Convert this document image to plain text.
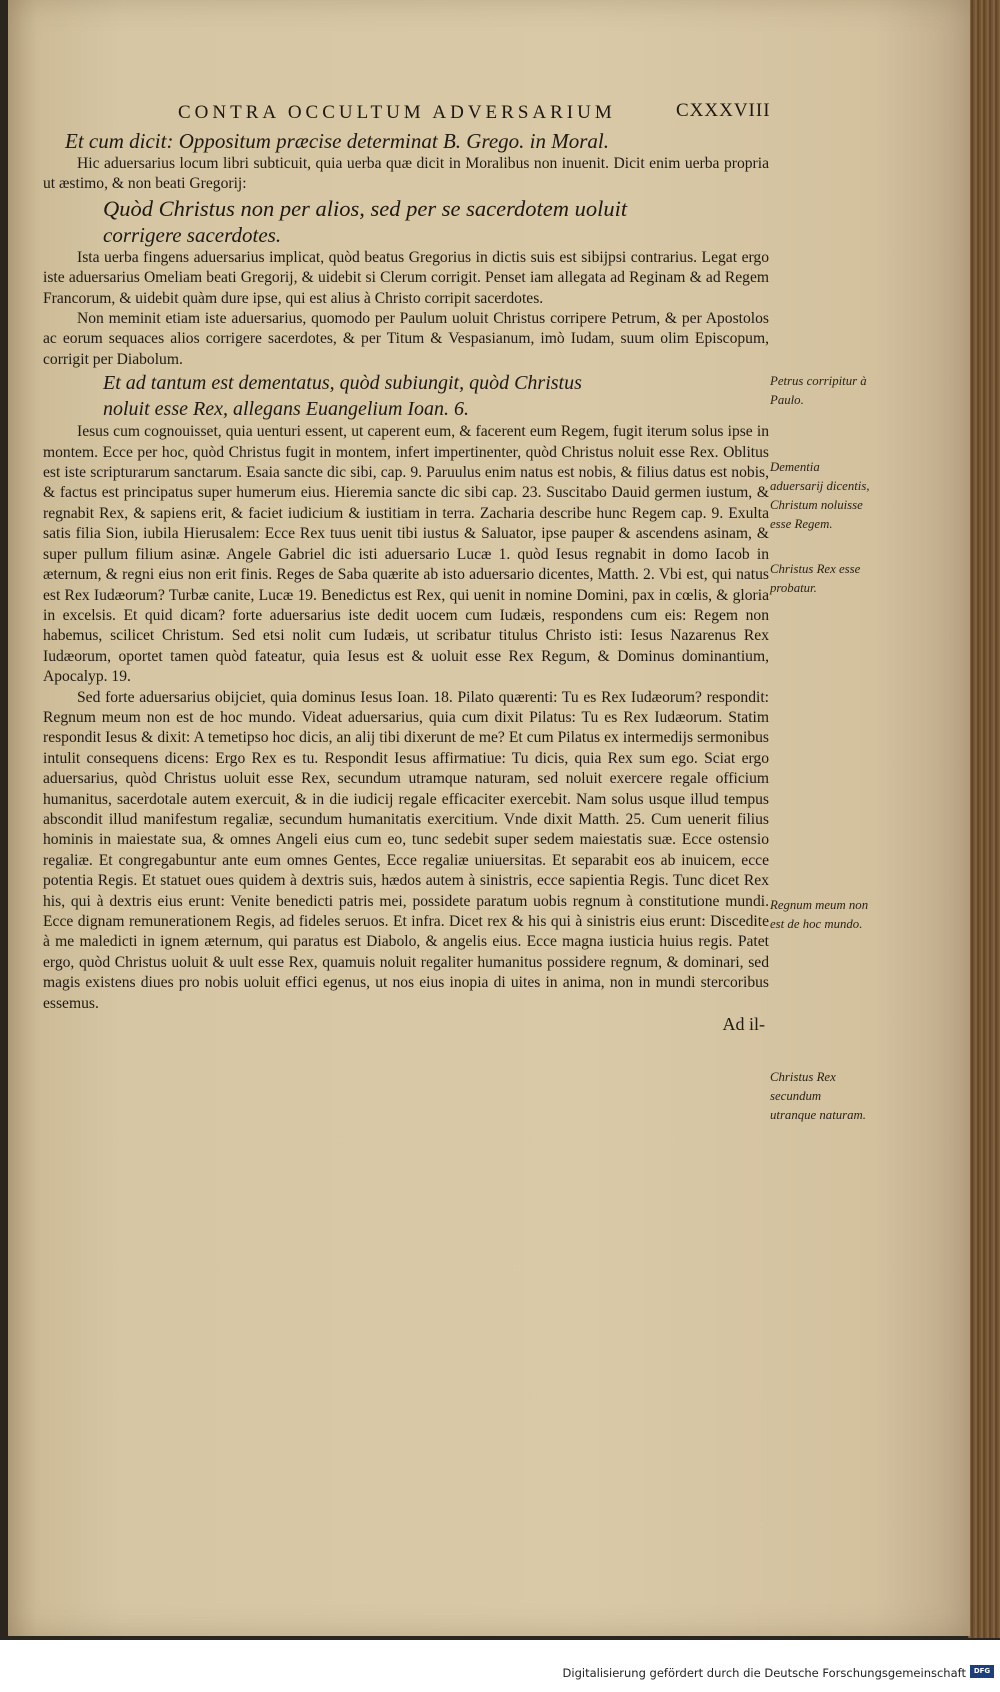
CONTRA OCCULTUM ADVERSARIUM	CXXXVIII

Et cum dicit: Oppositum præcise determinat B. Grego. in Moral.

Hic aduersarius locum libri subticuit, quia uerba quæ dicit in Moralibus non inuenit. Dicit enim uerba propria ut æstimo, & non beati Gregorij:

Quòd Christus non per alios, sed per se sacerdotem uoluit

corrigere sacerdotes.

Ista uerba fingens aduersarius implicat, quòd beatus Gregorius in dictis suis est sibijpsi contrarius. Legat ergo iste aduersarius Omeliam beati Gregorij, & uidebit si Clerum corrigit. Penset iam allegata ad Reginam & ad Regem Francorum, & uidebit quàm dure ipse, qui est alius à Christo corripit sacerdotes.

Non meminit etiam iste aduersarius, quomodo per Paulum uoluit Christus corripere Petrum, & per Apostolos ac eorum sequaces alios corrigere sacerdotes, & per Titum & Vespasianum, imò Iudam, suum olim Episcopum, corrigit per Diabolum.

Et ad tantum est dementatus, quòd subiungit, quòd Christus

noluit esse Rex, allegans Euangelium Ioan. 6.

Iesus cum cognouisset, quia uenturi essent, ut caperent eum, & facerent eum Regem, fugit iterum solus ipse in montem. Ecce per hoc, quòd Christus fugit in montem, infert impertinenter, quòd Christus noluit esse Rex. Oblitus est iste scripturarum sanctarum. Esaia sancte dic sibi, cap. 9. Paruulus enim natus est nobis, & filius datus est nobis, & factus est principatus super humerum eius. Hieremia sancte dic sibi cap. 23. Suscitabo Dauid germen iustum, & regnabit Rex, & sapiens erit, & faciet iudicium & iustitiam in terra. Zacharia describe hunc Regem cap. 9. Exulta satis filia Sion, iubila Hierusalem: Ecce Rex tuus uenit tibi iustus & Saluator, ipse pauper & ascendens asinam, & super pullum filium asinæ. Angele Gabriel dic isti aduersario Lucæ 1. quòd Iesus regnabit in domo Iacob in æternum, & regni eius non erit finis. Reges de Saba quærite ab isto aduersario dicentes, Matth. 2. Vbi est, qui natus est Rex Iudæorum? Turbæ canite, Lucæ 19. Benedictus est Rex, qui uenit in nomine Domini, pax in cœlis, & gloria in excelsis. Et quid dicam? forte aduersarius iste dedit uocem cum Iudæis, respondens cum eis: Regem non habemus, scilicet Christum. Sed etsi nolit cum Iudæis, ut scribatur titulus Christo isti: Iesus Nazarenus Rex Iudæorum, oportet tamen quòd fateatur, quia Iesus est & uoluit esse Rex Regum, & Dominus dominantium, Apocalyp. 19.

Sed forte aduersarius obijciet, quia dominus Iesus Ioan. 18. Pilato quærenti: Tu es Rex Iudæorum? respondit: Regnum meum non est de hoc mundo. Videat aduersarius, quia cum dixit Pilatus: Tu es Rex Iudæorum. Statim respondit Iesus & dixit: A temetipso hoc dicis, an alij tibi dixerunt de me? Et cum Pilatus ex intermedijs sermonibus intulit consequens dicens: Ergo Rex es tu. Respondit Iesus affirmatiue: Tu dicis, quia Rex sum ego. Sciat ergo aduersarius, quòd Christus uoluit esse Rex, secundum utramque naturam, sed noluit exercere regale officium humanitus, sacerdotale autem exercuit, & in die iudicij regale efficaciter exercebit. Nam solus usque illud tempus abscondit illud manifestum regaliæ, secundum humanitatis exercitium. Vnde dixit Matth. 25. Cum uenerit filius hominis in maiestate sua, & omnes Angeli eius cum eo, tunc sedebit super sedem maiestatis suæ. Ecce ostensio regaliæ. Et congregabuntur ante eum omnes Gentes, Ecce regaliæ uniuersitas. Et separabit eos ab inuicem, ecce potentia Regis. Et statuet oues quidem à dextris suis, hædos autem à sinistris, ecce sapientia Regis. Tunc dicet Rex his, qui à dextris eius erunt: Venite benedicti patris mei, possidete paratum uobis regnum à constitutione mundi. Ecce dignam remunerationem Regis, ad fideles seruos. Et infra. Dicet rex & his qui à sinistris eius erunt: Discedite à me maledicti in ignem æternum, qui paratus est Diabolo, & angelis eius. Ecce magna iusticia huius regis. Patet ergo, quòd Christus uoluit & uult esse Rex, quamuis noluit regaliter humanitus possidere regnum, & dominari, sed magis existens diues pro nobis uoluit effici egenus, ut nos eius inopia di uites in anima, non in mundi stercoribus essemus.

Ad il-

Petrus corripitur à Paulo.
Dementia aduersarij dicentis, Christum noluisse esse Regem.
Christus Rex esse probatur.
Regnum meum non est de hoc mundo.
Christus Rex secundum utranque naturam.
Digitalisierung gefördert durch die Deutsche Forschungsgemeinschaft	DFG
